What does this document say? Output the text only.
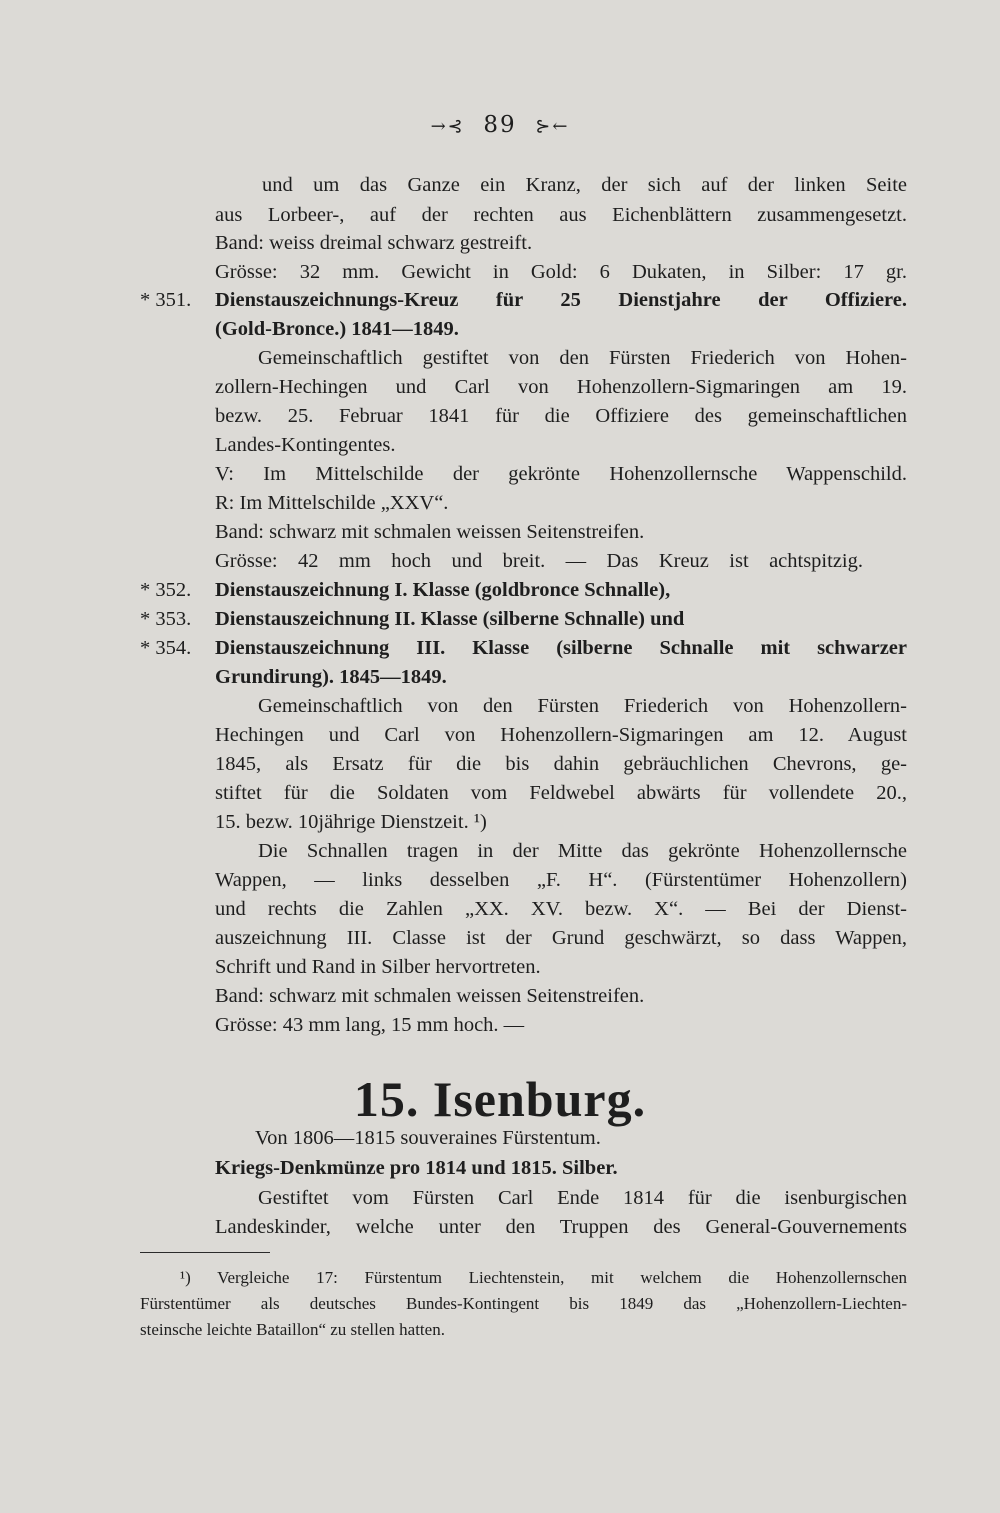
→⊰ 89 ⊱←
und um das Ganze ein Kranz, der sich auf der linken Seite
aus Lorbeer-, auf der rechten aus Eichenblättern zusammengesetzt.
Band: weiss dreimal schwarz gestreift.
Grösse: 32 mm. Gewicht in Gold: 6 Dukaten, in Silber: 17 gr.
* 351.	Dienstauszeichnungs-Kreuz für 25 Dienstjahre der Offiziere.
(Gold-Bronce.) 1841—1849.
Gemeinschaftlich gestiftet von den Fürsten Friederich von Hohen-
zollern-Hechingen und Carl von Hohenzollern-Sigmaringen am 19.
bezw. 25. Februar 1841 für die Offiziere des gemeinschaftlichen
Landes-Kontingentes.
V: Im Mittelschilde der gekrönte Hohenzollernsche Wappenschild.
R: Im Mittelschilde „XXV“.
Band: schwarz mit schmalen weissen Seitenstreifen.
Grösse: 42 mm hoch und breit. — Das Kreuz ist achtspitzig.
* 352.	Dienstauszeichnung I. Klasse (goldbronce Schnalle),
* 353.	Dienstauszeichnung II. Klasse (silberne Schnalle) und
* 354.	Dienstauszeichnung III. Klasse (silberne Schnalle mit schwarzer
Grundirung). 1845—1849.
Gemeinschaftlich von den Fürsten Friederich von Hohenzollern-
Hechingen und Carl von Hohenzollern-Sigmaringen am 12. August
1845, als Ersatz für die bis dahin gebräuchlichen Chevrons, ge-
stiftet für die Soldaten vom Feldwebel abwärts für vollendete 20.,
15. bezw. 10jährige Dienstzeit. ¹)
Die Schnallen tragen in der Mitte das gekrönte Hohenzollernsche
Wappen, — links desselben „F. H“. (Fürstentümer Hohenzollern)
und rechts die Zahlen „XX. XV. bezw. X“. — Bei der Dienst-
auszeichnung III. Classe ist der Grund geschwärzt, so dass Wappen,
Schrift und Rand in Silber hervortreten.
Band: schwarz mit schmalen weissen Seitenstreifen.
Grösse: 43 mm lang, 15 mm hoch. —
15. Isenburg.
Von 1806—1815 souveraines Fürstentum.
Kriegs-Denkmünze pro 1814 und 1815. Silber.
Gestiftet vom Fürsten Carl Ende 1814 für die isenburgischen
Landeskinder, welche unter den Truppen des General-Gouvernements
¹) Vergleiche 17: Fürstentum Liechtenstein, mit welchem die Hohenzollernschen
Fürstentümer als deutsches Bundes-Kontingent bis 1849 das „Hohenzollern-Liechten-
steinsche leichte Bataillon“ zu stellen hatten.
